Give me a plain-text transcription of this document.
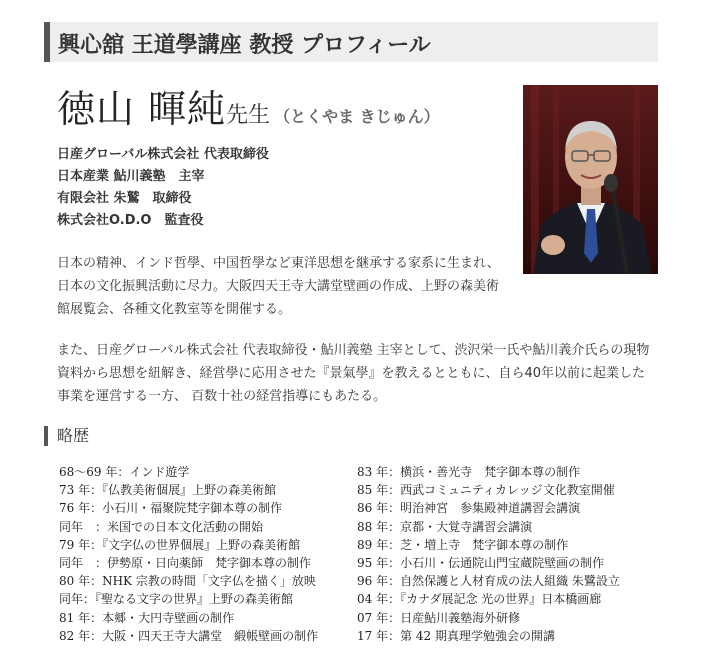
興心舘 王道學講座 教授 プロフィール
徳山 暉純先生 （とくやま きじゅん）
日産グローバル株式会社 代表取締役
日本産業 鮎川義塾　主宰
有限会社 朱鷲　取締役
株式会社O.D.O　監査役
日本の精神、インド哲學、中国哲學など東洋思想を継承する家系に生まれ、
日本の文化振興活動に尽力。大阪四天王寺大講堂壁画の作成、上野の森美術
館展覧会、各種文化教室等を開催する。
また、日産グローバル株式会社 代表取締役・鮎川義塾 主宰として、渋沢栄一氏や鮎川義介氏らの現物
資料から思想を紐解き、経営學に応用させた『景氣學』を教えるとともに、自ら40年以前に起業した
事業を運営する一方、 百数十社の経営指導にもあたる。
略歴
68〜69 年：インド遊学
73 年：『仏教美術個展』上野の森美術館
76 年：小石川・福聚院梵字御本尊の制作
同年　：米国での日本文化活動の開始
79 年：『文字仏の世界個展』上野の森美術館
同年　：伊勢原・日向薬師　梵字御本尊の制作
80 年：NHK 宗教の時間「文字仏を描く」放映
同年：『聖なる文字の世界』上野の森美術館
81 年：本郷・大円寺壁画の制作
82 年：大阪・四天王寺大講堂　緞帳壁画の制作
83 年：横浜・善光寺　梵字御本尊の制作
85 年：西武コミュニティカレッジ文化教室開催
86 年：明治神宮　参集殿神道講習会講演
88 年：京都・大覚寺講習会講演
89 年：芝・増上寺　梵字御本尊の制作
95 年：小石川・伝通院山門宝蔵院壁画の制作
96 年：自然保護と人材育成の法人組織 朱鷺設立
04 年：『カナダ展記念 光の世界』日本橋画廊
07 年：日産鮎川義塾海外研修
17 年：第 42 期真理学勉強会の開講
